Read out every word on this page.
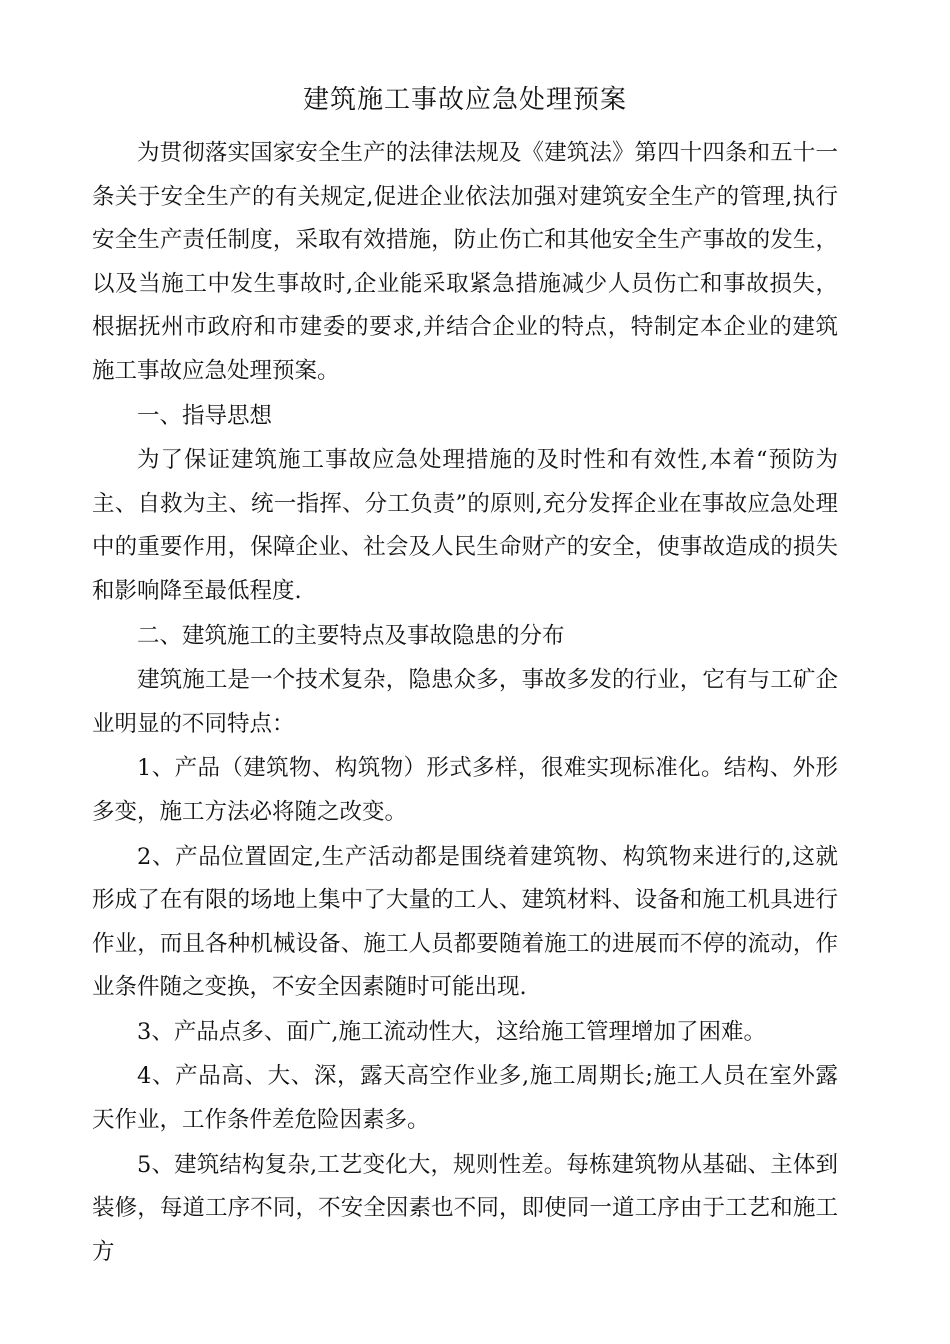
建筑施工事故应急处理预案

为贯彻落实国家安全生产的法律法规及《建筑法》第四十四条和五十一条关于安全生产的有关规定,促进企业依法加强对建筑安全生产的管理,执行安全生产责任制度，采取有效措施，防止伤亡和其他安全生产事故的发生，以及当施工中发生事故时,企业能采取紧急措施减少人员伤亡和事故损失，根据抚州市政府和市建委的要求,并结合企业的特点，特制定本企业的建筑施工事故应急处理预案。

一、指导思想

为了保证建筑施工事故应急处理措施的及时性和有效性,本着“预防为主、自救为主、统一指挥、分工负责”的原则,充分发挥企业在事故应急处理中的重要作用，保障企业、社会及人民生命财产的安全，使事故造成的损失和影响降至最低程度.

二、建筑施工的主要特点及事故隐患的分布

建筑施工是一个技术复杂，隐患众多，事故多发的行业，它有与工矿企业明显的不同特点：

1、产品（建筑物、构筑物）形式多样，很难实现标准化。结构、外形多变，施工方法必将随之改变。

2、产品位置固定,生产活动都是围绕着建筑物、构筑物来进行的,这就形成了在有限的场地上集中了大量的工人、建筑材料、设备和施工机具进行作业，而且各种机械设备、施工人员都要随着施工的进展而不停的流动，作业条件随之变换，不安全因素随时可能出现.

3、产品点多、面广,施工流动性大，这给施工管理增加了困难。

4、产品高、大、深，露天高空作业多,施工周期长;施工人员在室外露天作业，工作条件差危险因素多。

5、建筑结构复杂,工艺变化大，规则性差。每栋建筑物从基础、主体到装修，每道工序不同，不安全因素也不同，即使同一道工序由于工艺和施工方
